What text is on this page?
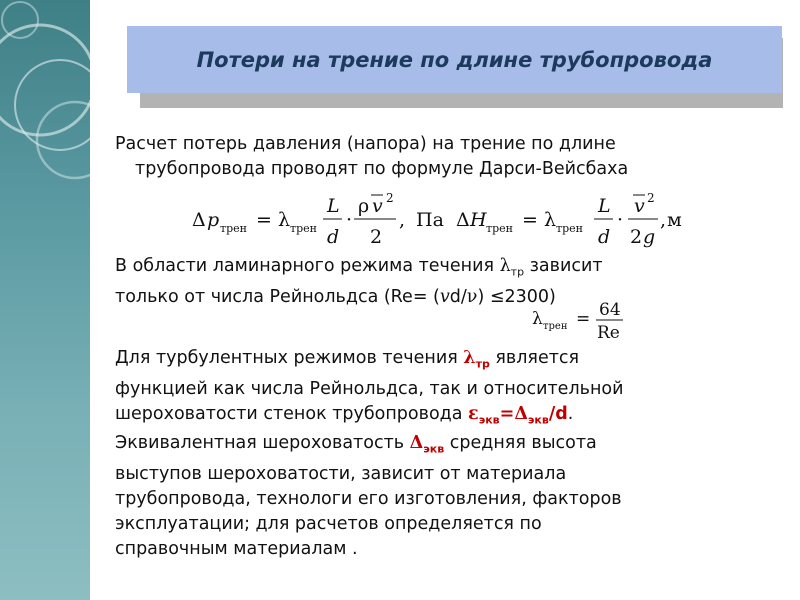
Потери на трение по длине трубопровода
Расчет потерь давления (напора) на трение по длине
трубопровода проводят по формуле Дарси-Вейсбаха
Δ p трен = λ трен
L
d
·
ρ v 2
2
, Па Δ H трен = λ трен
L
d
·
v 2
2 g
, м
В области ламинарного режима течения $\lambda_{тр}$ зависит
только от числа Рейнольдса (Re= (vd/ν) ≤2300)
λ трен = 64
Re
Для турбулентных режимов течения $\lambda_{тр}$ является
функцией как числа Рейнольдса, так и относительной
шероховатости стенок трубопровода $\varepsilon_{экв}=\Delta_{экв}/d$.
Эквивалентная шероховатость $\Delta_{экв}$ средняя высота
выступов шероховатости, зависит от материала
трубопровода, технологи его изготовления, факторов
эксплуатации; для расчетов определяется по
справочным материалам .
